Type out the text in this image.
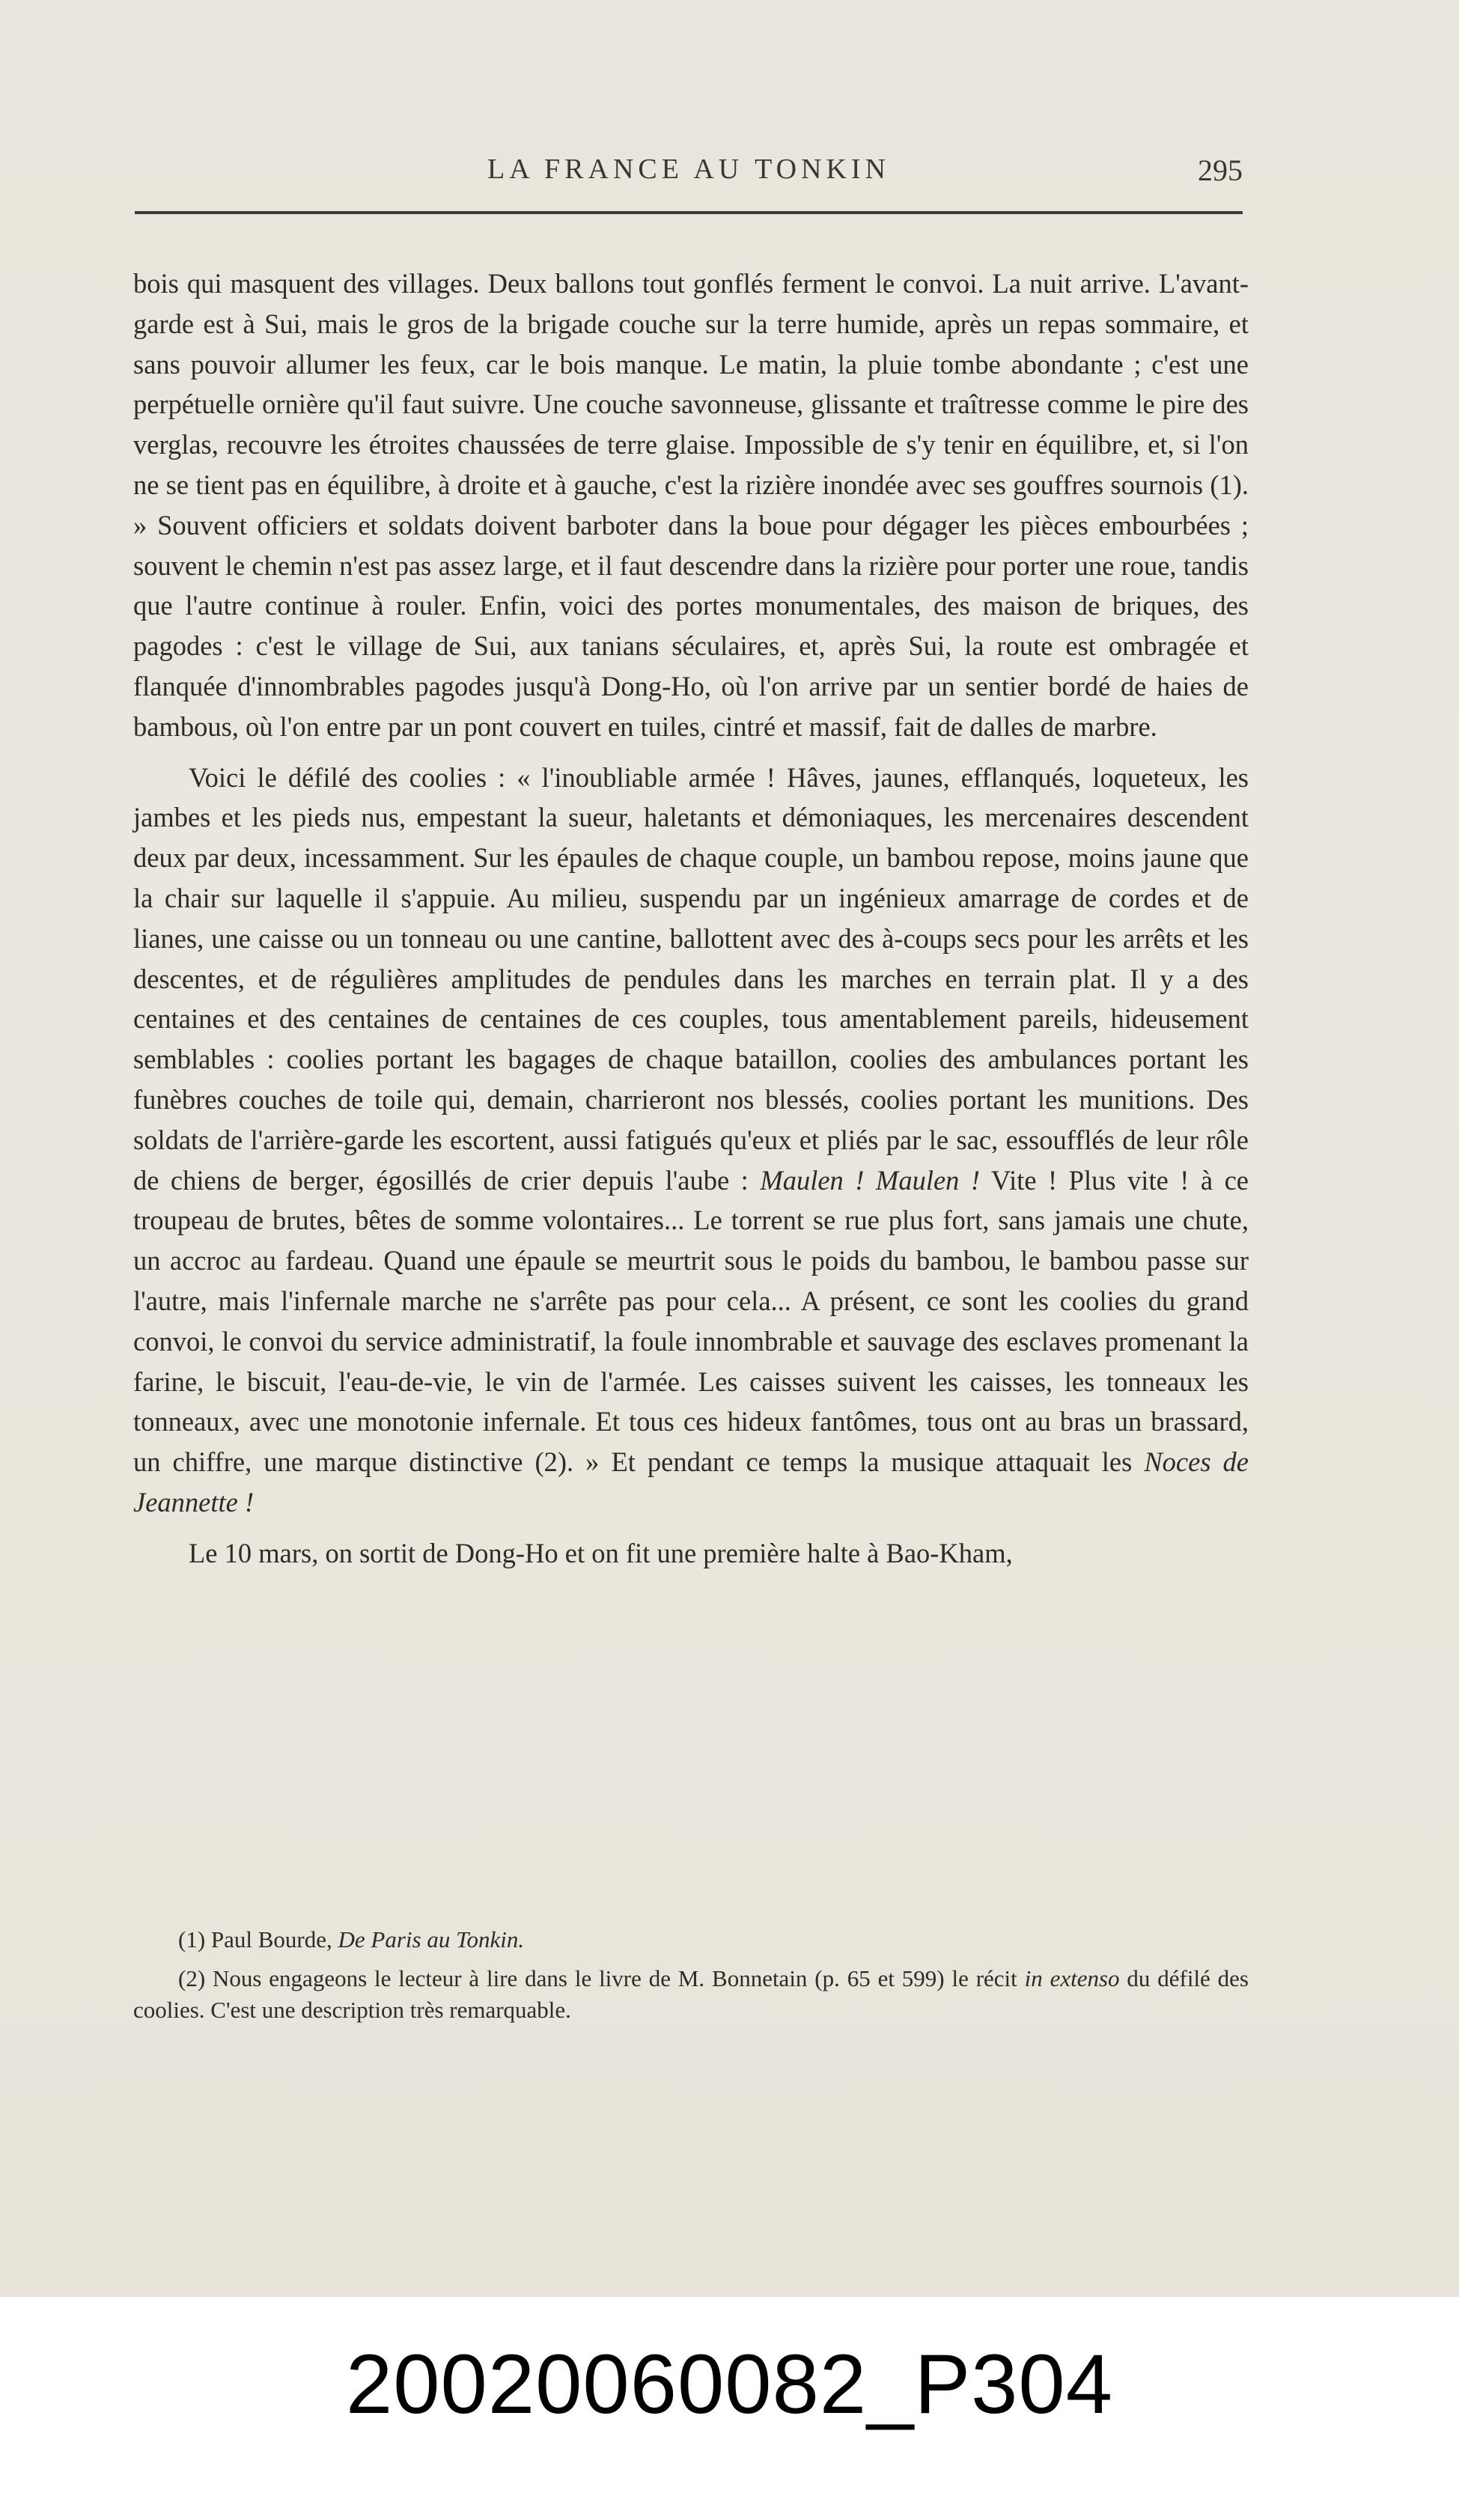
LA FRANCE AU TONKIN	295

bois qui masquent des villages. Deux ballons tout gonflés ferment le convoi. La nuit arrive. L'avant-garde est à Sui, mais le gros de la brigade couche sur la terre humide, après un repas sommaire, et sans pouvoir allumer les feux, car le bois manque. Le matin, la pluie tombe abondante ; c'est une perpétuelle ornière qu'il faut suivre. Une couche savonneuse, glissante et traîtresse comme le pire des verglas, recouvre les étroites chaussées de terre glaise. Impossible de s'y tenir en équilibre, et, si l'on ne se tient pas en équilibre, à droite et à gauche, c'est la rizière inondée avec ses gouffres sournois (1). » Souvent officiers et soldats doivent barboter dans la boue pour dégager les pièces embourbées ; souvent le chemin n'est pas assez large, et il faut descendre dans la rizière pour porter une roue, tandis que l'autre continue à rouler. Enfin, voici des portes monumentales, des maison de briques, des pagodes : c'est le village de Sui, aux tanians séculaires, et, après Sui, la route est ombragée et flanquée d'innombrables pagodes jusqu'à Dong-Ho, où l'on arrive par un sentier bordé de haies de bambous, où l'on entre par un pont couvert en tuiles, cintré et massif, fait de dalles de marbre.

Voici le défilé des coolies : « l'inoubliable armée ! Hâves, jaunes, efflanqués, loqueteux, les jambes et les pieds nus, empestant la sueur, haletants et démoniaques, les mercenaires descendent deux par deux, incessamment. Sur les épaules de chaque couple, un bambou repose, moins jaune que la chair sur laquelle il s'appuie. Au milieu, suspendu par un ingénieux amarrage de cordes et de lianes, une caisse ou un tonneau ou une cantine, ballottent avec des à-coups secs pour les arrêts et les descentes, et de régulières amplitudes de pendules dans les marches en terrain plat. Il y a des centaines et des centaines de centaines de ces couples, tous amentablement pareils, hideusement semblables : coolies portant les bagages de chaque bataillon, coolies des ambulances portant les funèbres couches de toile qui, demain, charrieront nos blessés, coolies portant les munitions. Des soldats de l'arrière-garde les escortent, aussi fatigués qu'eux et pliés par le sac, essoufflés de leur rôle de chiens de berger, égosillés de crier depuis l'aube : Maulen ! Maulen ! Vite ! Plus vite ! à ce troupeau de brutes, bêtes de somme volontaires... Le torrent se rue plus fort, sans jamais une chute, un accroc au fardeau. Quand une épaule se meurtrit sous le poids du bambou, le bambou passe sur l'autre, mais l'infernale marche ne s'arrête pas pour cela... A présent, ce sont les coolies du grand convoi, le convoi du service administratif, la foule innombrable et sauvage des esclaves promenant la farine, le biscuit, l'eau-de-vie, le vin de l'armée. Les caisses suivent les caisses, les tonneaux les tonneaux, avec une monotonie infernale. Et tous ces hideux fantômes, tous ont au bras un brassard, un chiffre, une marque distinctive (2). » Et pendant ce temps la musique attaquait les Noces de Jeannette !

Le 10 mars, on sortit de Dong-Ho et on fit une première halte à Bao-Kham,

(1) Paul Bourde, De Paris au Tonkin.

(2) Nous engageons le lecteur à lire dans le livre de M. Bonnetain (p. 65 et 599) le récit in extenso du défilé des coolies. C'est une description très remarquable.

20020060082_P304
